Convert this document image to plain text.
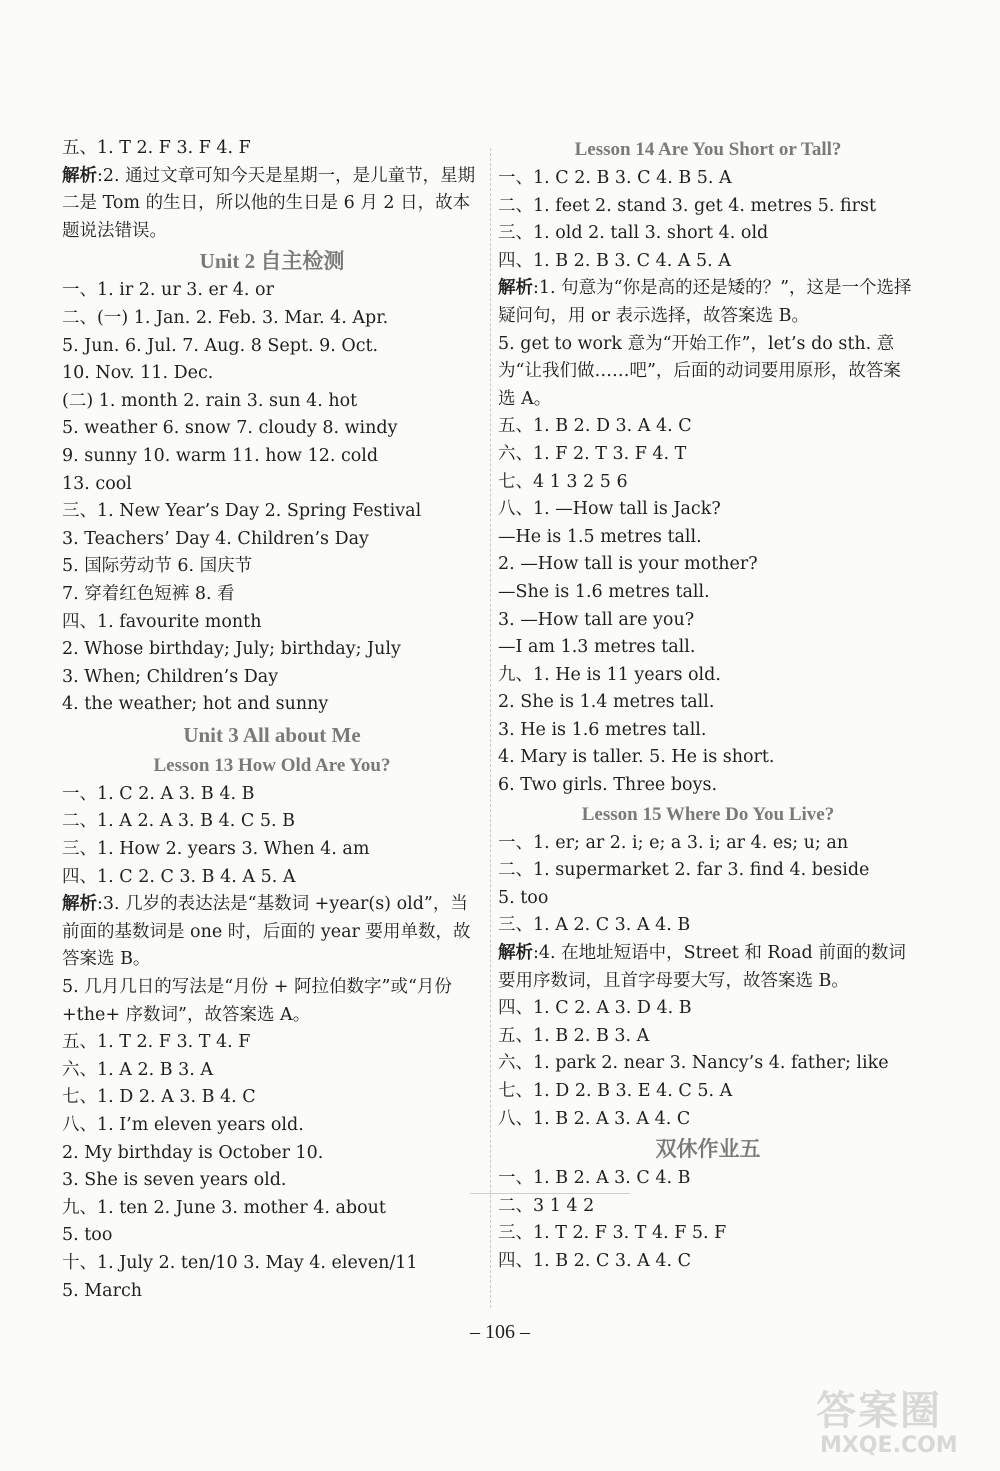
五、1. T 2. F 3. F 4. F
解析:2. 通过文章可知今天是星期一，是儿童节，星期二是 Tom 的生日，所以他的生日是 6 月 2 日，故本题说法错误。
Unit 2 自主检测
一、1. ir 2. ur 3. er 4. or
二、(一) 1. Jan. 2. Feb. 3. Mar. 4. Apr.
5. Jun. 6. Jul. 7. Aug. 8 Sept. 9. Oct.
10. Nov. 11. Dec.
(二) 1. month 2. rain 3. sun 4. hot
5. weather 6. snow 7. cloudy 8. windy
9. sunny 10. warm 11. how 12. cold
13. cool
三、1. New Year’s Day 2. Spring Festival
3. Teachers’ Day 4. Children’s Day
5. 国际劳动节 6. 国庆节
7. 穿着红色短裤 8. 看
四、1. favourite month
2. Whose birthday; July; birthday; July
3. When; Children’s Day
4. the weather; hot and sunny
Unit 3 All about Me
Lesson 13 How Old Are You?
一、1. C 2. A 3. B 4. B
二、1. A 2. A 3. B 4. C 5. B
三、1. How 2. years 3. When 4. am
四、1. C 2. C 3. B 4. A 5. A
解析:3. 几岁的表达法是“基数词 +year(s) old”，当前面的基数词是 one 时，后面的 year 要用单数，故答案选 B。
5. 几月几日的写法是“月份 + 阿拉伯数字”或“月份 +the+ 序数词”，故答案选 A。
五、1. T 2. F 3. T 4. F
六、1. A 2. B 3. A
七、1. D 2. A 3. B 4. C
八、1. I’m eleven years old.
2. My birthday is October 10.
3. She is seven years old.
九、1. ten 2. June 3. mother 4. about
5. too
十、1. July 2. ten/10 3. May 4. eleven/11
5. March
Lesson 14 Are You Short or Tall?
一、1. C 2. B 3. C 4. B 5. A
二、1. feet 2. stand 3. get 4. metres 5. first
三、1. old 2. tall 3. short 4. old
四、1. B 2. B 3. C 4. A 5. A
解析:1. 句意为“你是高的还是矮的？”，这是一个选择疑问句，用 or 表示选择，故答案选 B。
5. get to work 意为“开始工作”，let’s do sth. 意为“让我们做……吧”，后面的动词要用原形，故答案选 A。
五、1. B 2. D 3. A 4. C
六、1. F 2. T 3. F 4. T
七、4 1 3 2 5 6
八、1. —How tall is Jack?
—He is 1.5 metres tall.
2. —How tall is your mother?
—She is 1.6 metres tall.
3. —How tall are you?
—I am 1.3 metres tall.
九、1. He is 11 years old.
2. She is 1.4 metres tall.
3. He is 1.6 metres tall.
4. Mary is taller. 5. He is short.
6. Two girls. Three boys.
Lesson 15 Where Do You Live?
一、1. er; ar 2. i; e; a 3. i; ar 4. es; u; an
二、1. supermarket 2. far 3. find 4. beside
5. too
三、1. A 2. C 3. A 4. B
解析:4. 在地址短语中，Street 和 Road 前面的数词要用序数词，且首字母要大写，故答案选 B。
四、1. C 2. A 3. D 4. B
五、1. B 2. B 3. A
六、1. park 2. near 3. Nancy’s 4. father; like
七、1. D 2. B 3. E 4. C 5. A
八、1. B 2. A 3. A 4. C
双休作业五
一、1. B 2. A 3. C 4. B
二、3 1 4 2
三、1. T 2. F 3. T 4. F 5. F
四、1. B 2. C 3. A 4. C
– 106 –
答案圈
MXQE.COM
